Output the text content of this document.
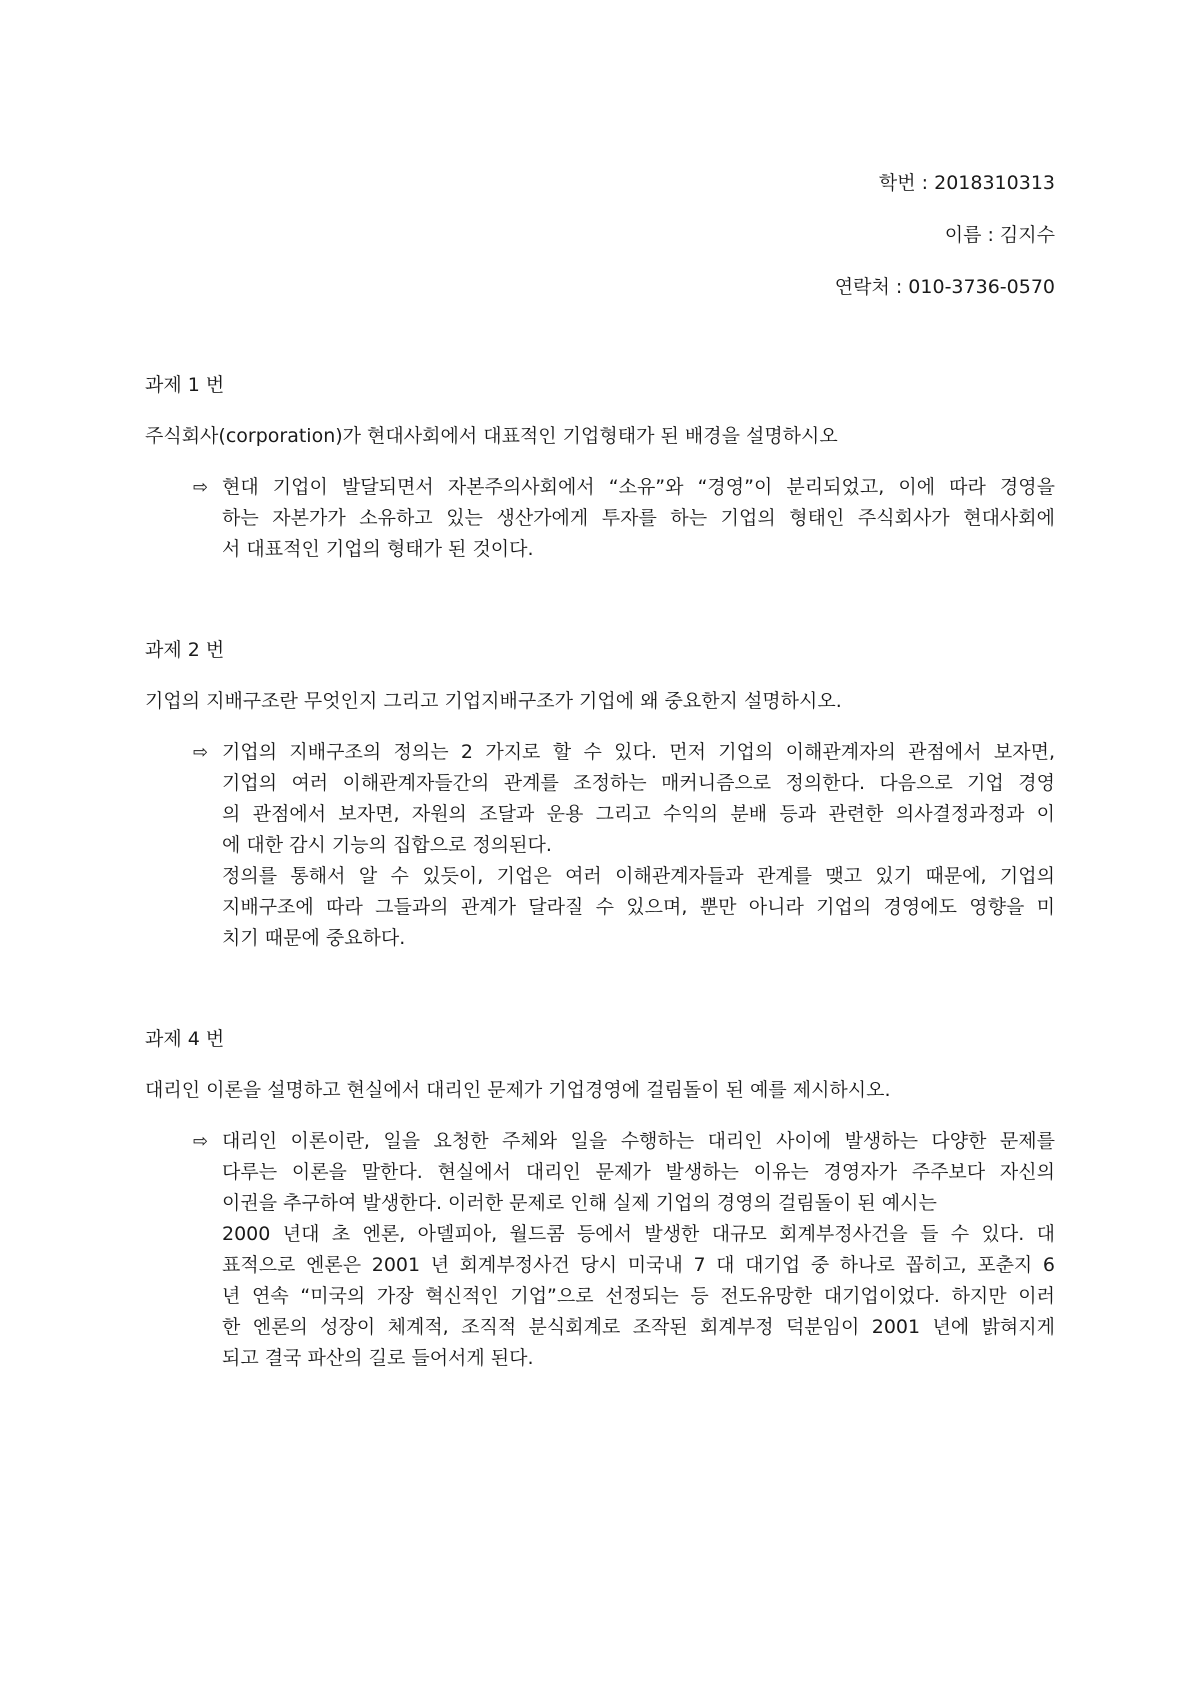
학번 : 2018310313
이름 : 김지수
연락처 : 010-3736-0570
과제 1 번
주식회사(corporation)가 현대사회에서 대표적인 기업형태가 된 배경을 설명하시오
⇨ 현대 기업이 발달되면서 자본주의사회에서 “소유”와 “경영”이 분리되었고, 이에 따라 경영을
하는 자본가가 소유하고 있는 생산가에게 투자를 하는 기업의 형태인 주식회사가 현대사회에
서 대표적인 기업의 형태가 된 것이다.
과제 2 번
기업의 지배구조란 무엇인지 그리고 기업지배구조가 기업에 왜 중요한지 설명하시오.
⇨ 기업의 지배구조의 정의는 2 가지로 할 수 있다. 먼저 기업의 이해관계자의 관점에서 보자면,
기업의 여러 이해관계자들간의 관계를 조정하는 매커니즘으로 정의한다. 다음으로 기업 경영
의 관점에서 보자면, 자원의 조달과 운용 그리고 수익의 분배 등과 관련한 의사결정과정과 이
에 대한 감시 기능의 집합으로 정의된다.
정의를 통해서 알 수 있듯이, 기업은 여러 이해관계자들과 관계를 맺고 있기 때문에, 기업의
지배구조에 따라 그들과의 관계가 달라질 수 있으며, 뿐만 아니라 기업의 경영에도 영향을 미
치기 때문에 중요하다.
과제 4 번
대리인 이론을 설명하고 현실에서 대리인 문제가 기업경영에 걸림돌이 된 예를 제시하시오.
⇨ 대리인 이론이란, 일을 요청한 주체와 일을 수행하는 대리인 사이에 발생하는 다양한 문제를
다루는 이론을 말한다. 현실에서 대리인 문제가 발생하는 이유는 경영자가 주주보다 자신의
이권을 추구하여 발생한다. 이러한 문제로 인해 실제 기업의 경영의 걸림돌이 된 예시는
2000 년대 초 엔론, 아델피아, 월드콤 등에서 발생한 대규모 회계부정사건을 들 수 있다. 대
표적으로 엔론은 2001 년 회계부정사건 당시 미국내 7 대 대기업 중 하나로 꼽히고, 포춘지 6
년 연속 “미국의 가장 혁신적인 기업”으로 선정되는 등 전도유망한 대기업이었다. 하지만 이러
한 엔론의 성장이 체계적, 조직적 분식회계로 조작된 회계부정 덕분임이 2001 년에 밝혀지게
되고 결국 파산의 길로 들어서게 된다.
